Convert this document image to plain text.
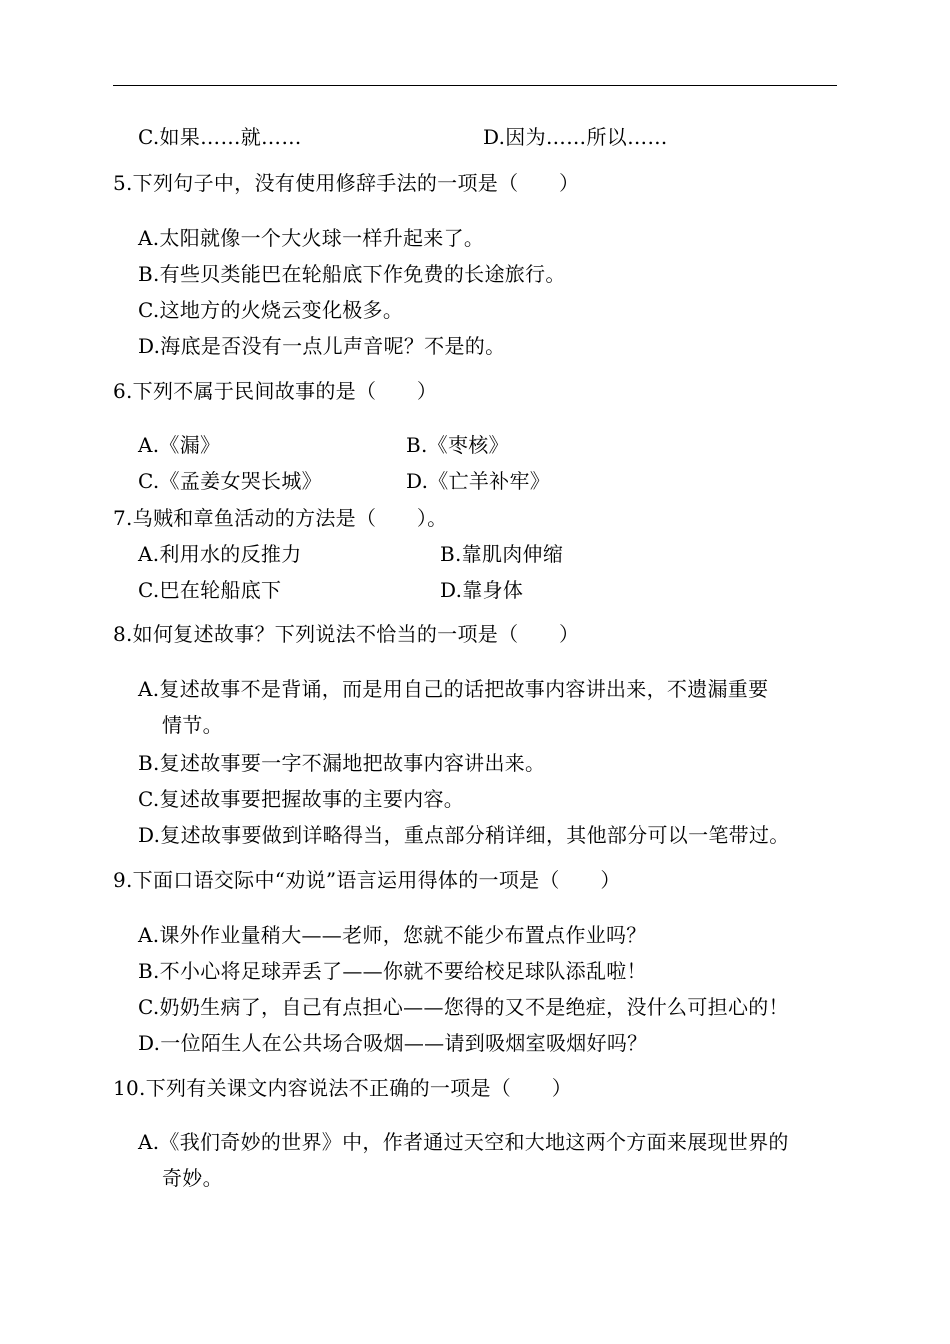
C.如果……就……	D.因为……所以……
5.下列句子中，没有使用修辞手法的一项是（　　）
A.太阳就像一个大火球一样升起来了。
B.有些贝类能巴在轮船底下作免费的长途旅行。
C.这地方的火烧云变化极多。
D.海底是否没有一点儿声音呢？不是的。
6.下列不属于民间故事的是（　　）
A.《漏》	B.《枣核》
C.《孟姜女哭长城》	D.《亡羊补牢》
7.乌贼和章鱼活动的方法是（　　）。
A.利用水的反推力	B.靠肌肉伸缩
C.巴在轮船底下	D.靠身体
8.如何复述故事？下列说法不恰当的一项是（　　）
A.复述故事不是背诵，而是用自己的话把故事内容讲出来，不遗漏重要
情节。
B.复述故事要一字不漏地把故事内容讲出来。
C.复述故事要把握故事的主要内容。
D.复述故事要做到详略得当，重点部分稍详细，其他部分可以一笔带过。
9.下面口语交际中“劝说”语言运用得体的一项是（　　）
A.课外作业量稍大——老师，您就不能少布置点作业吗？
B.不小心将足球弄丢了——你就不要给校足球队添乱啦！
C.奶奶生病了，自己有点担心——您得的又不是绝症，没什么可担心的！
D.一位陌生人在公共场合吸烟——请到吸烟室吸烟好吗？
10.下列有关课文内容说法不正确的一项是（　　）
A.《我们奇妙的世界》中，作者通过天空和大地这两个方面来展现世界的
奇妙。
